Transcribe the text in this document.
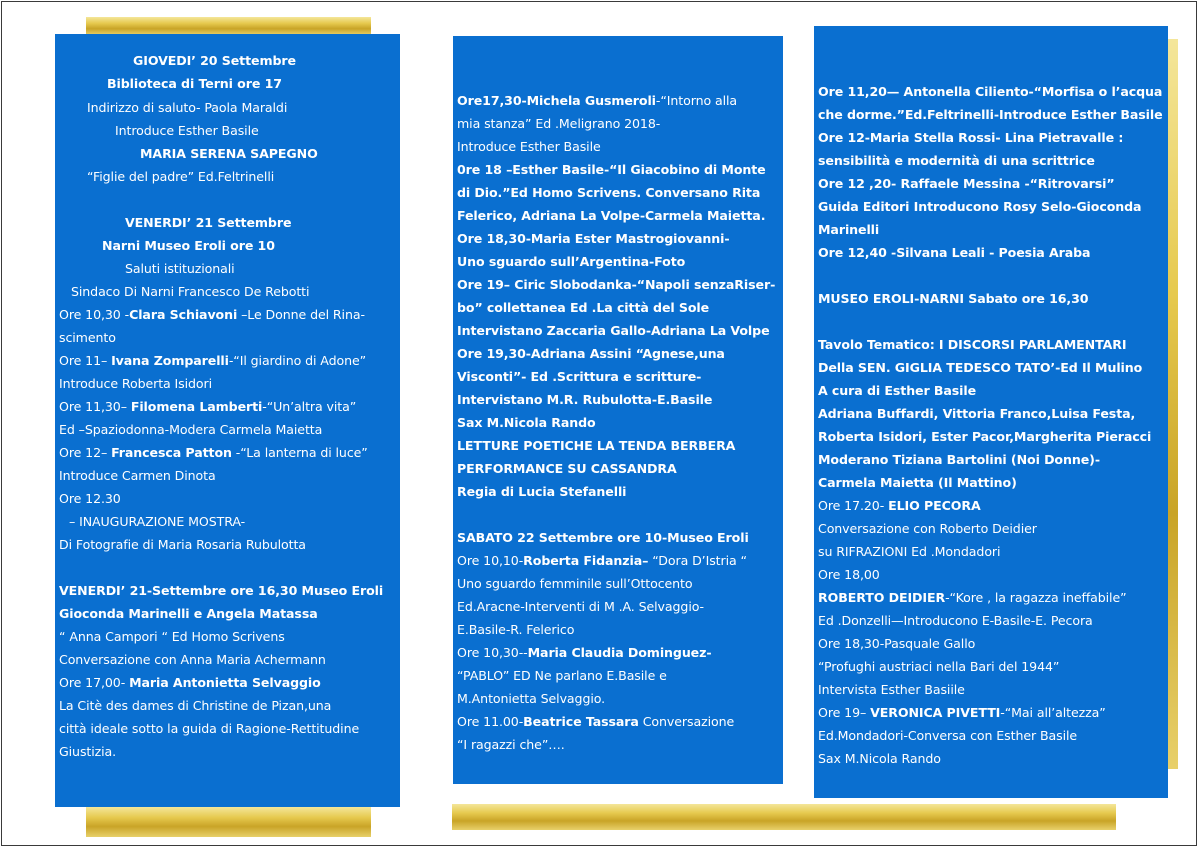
GIOVEDI’ 20 Settembre
Biblioteca di Terni ore 17
Indirizzo di saluto- Paola Maraldi
Introduce Esther Basile
MARIA SERENA SAPEGNO
“Figlie del padre” Ed.Feltrinelli
VENERDI’ 21 Settembre
Narni Museo Eroli ore 10
Saluti istituzionali
Sindaco Di Narni Francesco De Rebotti
Ore 10,30 -Clara Schiavoni –Le Donne del Rina-
scimento
Ore 11– Ivana Zomparelli-“Il giardino di Adone”
Introduce Roberta Isidori
Ore 11,30– Filomena Lamberti-“Un’altra vita”
Ed –Spaziodonna-Modera Carmela Maietta
Ore 12– Francesca Patton -“La lanterna di luce”
Introduce Carmen Dinota
Ore 12.30
– INAUGURAZIONE MOSTRA-
Di Fotografie di Maria Rosaria Rubulotta
VENERDI’ 21-Settembre ore 16,30 Museo Eroli
Gioconda Marinelli e Angela Matassa
“ Anna Campori “ Ed Homo Scrivens
Conversazione con Anna Maria Achermann
Ore 17,00- Maria Antonietta Selvaggio
La Citè des dames di Christine de Pizan,una
città ideale sotto la guida di Ragione-Rettitudine
Giustizia.
Ore17,30-Michela Gusmeroli-“Intorno alla
mia stanza” Ed .Meligrano 2018-
Introduce Esther Basile
0re 18 –Esther Basile-“Il Giacobino di Monte
di Dio.”Ed Homo Scrivens. Conversano Rita
Felerico, Adriana La Volpe-Carmela Maietta.
Ore 18,30-Maria Ester Mastrogiovanni-
Uno sguardo sull’Argentina-Foto
Ore 19– Ciric Slobodanka-“Napoli senzaRiser-
bo” collettanea Ed .La città del Sole
Intervistano Zaccaria Gallo-Adriana La Volpe
Ore 19,30-Adriana Assini “Agnese,una
Visconti”- Ed .Scrittura e scritture-
Intervistano M.R. Rubulotta-E.Basile
Sax M.Nicola Rando
LETTURE POETICHE LA TENDA BERBERA
PERFORMANCE SU CASSANDRA
Regia di Lucia Stefanelli
SABATO 22 Settembre ore 10-Museo Eroli
Ore 10,10-Roberta Fidanzia– “Dora D’Istria “
Uno sguardo femminile sull’Ottocento
Ed.Aracne-Interventi di M .A. Selvaggio-
E.Basile-R. Felerico
Ore 10,30--Maria Claudia Dominguez-
“PABLO” ED Ne parlano E.Basile e
M.Antonietta Selvaggio.
Ore 11.00-Beatrice Tassara Conversazione
“I ragazzi che”….
Ore 11,20— Antonella Ciliento-“Morfisa o l’acqua
che dorme.”Ed.Feltrinelli-Introduce Esther Basile
Ore 12-Maria Stella Rossi- Lina Pietravalle :
sensibilità e modernità di una scrittrice
Ore 12 ,20- Raffaele Messina -“Ritrovarsi”
Guida Editori Introducono Rosy Selo-Gioconda
Marinelli
Ore 12,40 -Silvana Leali - Poesia Araba
MUSEO EROLI-NARNI Sabato ore 16,30
Tavolo Tematico: I DISCORSI PARLAMENTARI
Della SEN. GIGLIA TEDESCO TATO’-Ed Il Mulino
A cura di Esther Basile
Adriana Buffardi, Vittoria Franco,Luisa Festa,
Roberta Isidori, Ester Pacor,Margherita Pieracci
Moderano Tiziana Bartolini (Noi Donne)-
Carmela Maietta (Il Mattino)
Ore 17.20- ELIO PECORA
Conversazione con Roberto Deidier
su RIFRAZIONI Ed .Mondadori
Ore 18,00
ROBERTO DEIDIER-“Kore , la ragazza ineffabile”
Ed .Donzelli—Introducono E-Basile-E. Pecora
Ore 18,30-Pasquale Gallo
“Profughi austriaci nella Bari del 1944”
Intervista Esther Basiile
Ore 19– VERONICA PIVETTI-“Mai all’altezza”
Ed.Mondadori-Conversa con Esther Basile
Sax M.Nicola Rando
